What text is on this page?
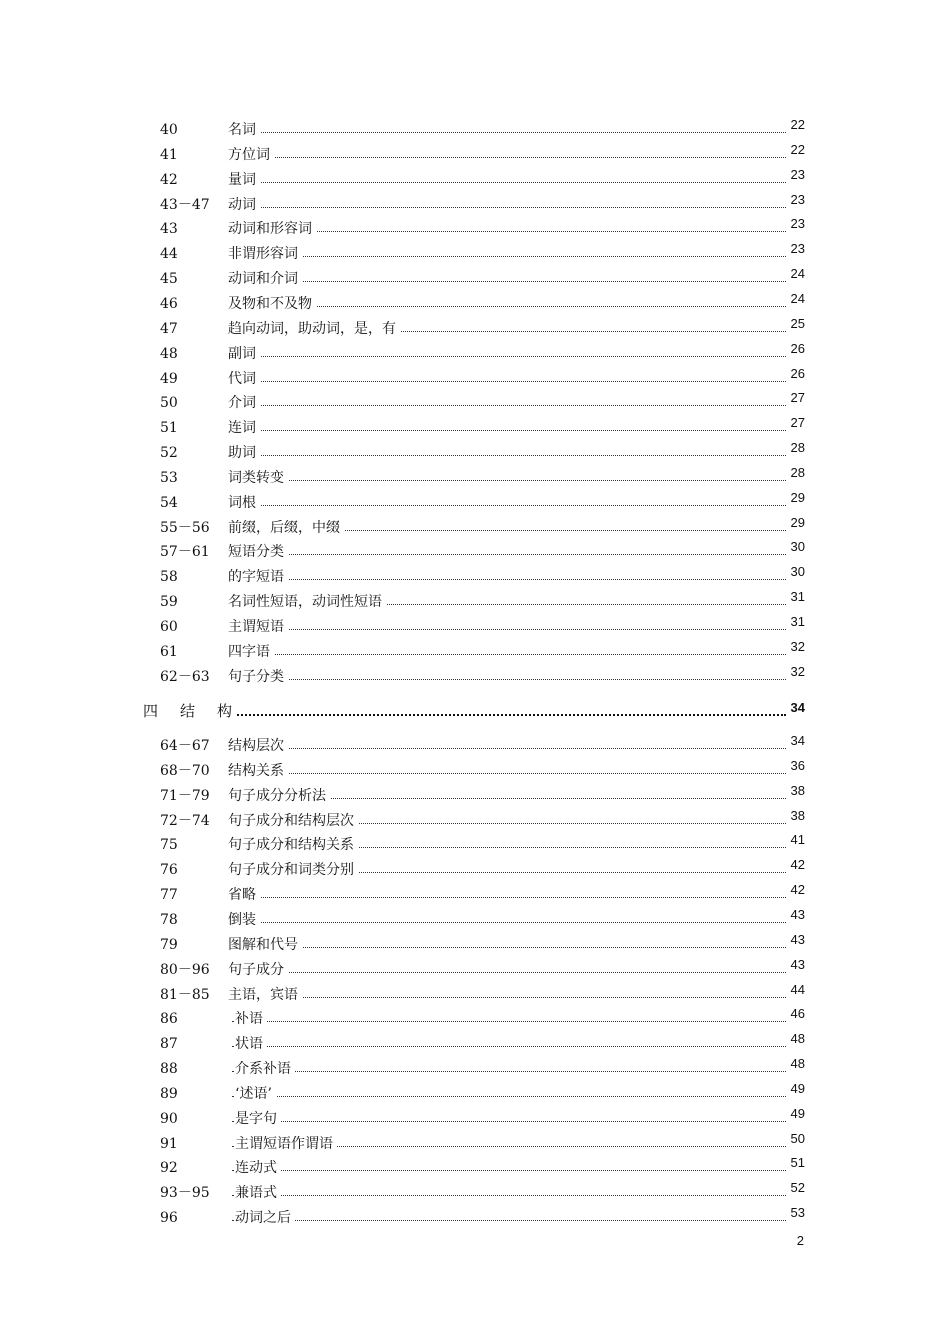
40	名词	22
41	方位词	22
42	量词	23
43－47 动词	23
43	动词和形容词	23
44	非谓形容词	23
45	动词和介词	24
46	及物和不及物	24
47	趋向动词，助动词，是，有	25
48	副词	26
49	代词	26
50	介词	27
51	连词	27
52	助词	28
53	词类转变	28
54	词根	29
55－56 前缀，后缀，中缀	29
57－61 短语分类	30
58	的字短语	30
59	名词性短语，动词性短语	31
60	主谓短语	31
61	四字语	32
62－63 句子分类	32
四 结 构	34
64－67 结构层次	34
68－70 结构关系	36
71－79 句子成分分析法	38
72－74 句子成分和结构层次	38
75	句子成分和结构关系	41
76	句子成分和词类分别	42
77	省略	42
78	倒装	43
79	图解和代号	43
80－96 句子成分	43
81－85 主语，宾语	44
86	补语	46
87	状语	48
88	介系补语	48
89	‘述语’	49
90	是字句	49
91	主谓短语作谓语	50
92	连动式	51
93－95 兼语式	52
96	动词之后	53
2
